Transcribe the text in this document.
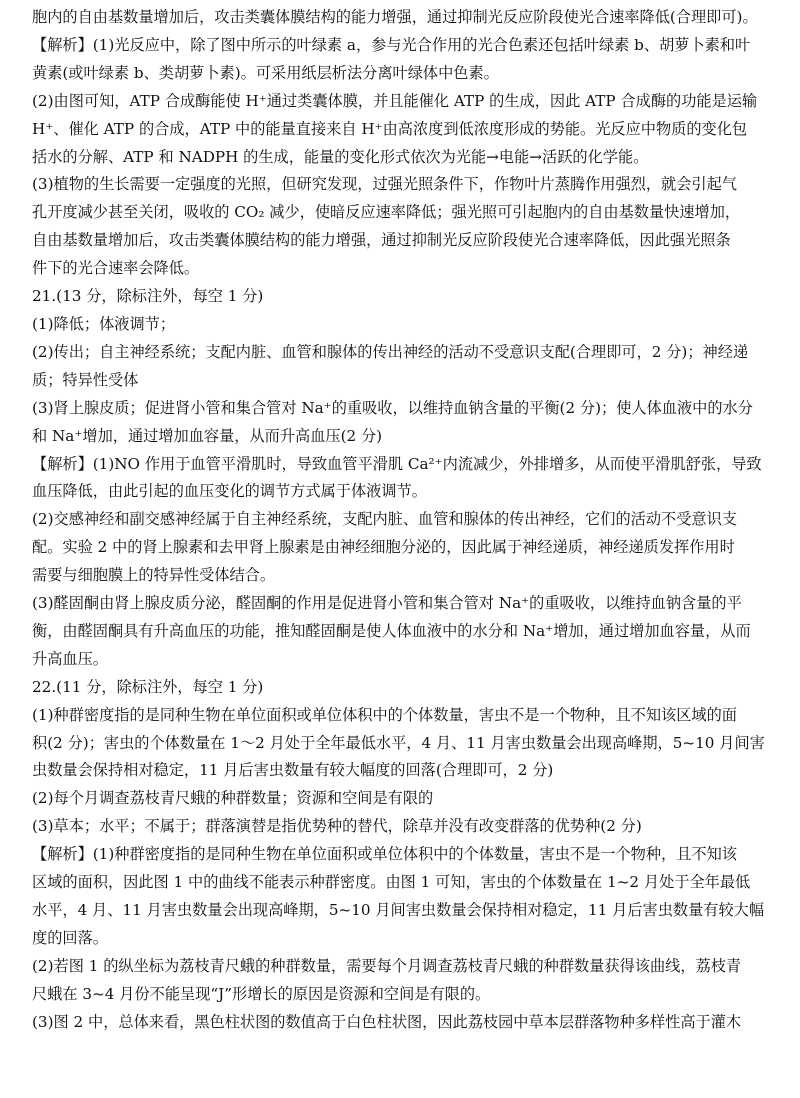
胞内的自由基数量增加后，攻击类囊体膜结构的能力增强，通过抑制光反应阶段使光合速率降低(合理即可)。
【解析】(1)光反应中，除了图中所示的叶绿素 a，参与光合作用的光合色素还包括叶绿素 b、胡萝卜素和叶
黄素(或叶绿素 b、类胡萝卜素)。可采用纸层析法分离叶绿体中色素。
(2)由图可知，ATP 合成酶能使 H⁺通过类囊体膜，并且能催化 ATP 的生成，因此 ATP 合成酶的功能是运输
H⁺、催化 ATP 的合成，ATP 中的能量直接来自 H⁺由高浓度到低浓度形成的势能。光反应中物质的变化包
括水的分解、ATP 和 NADPH 的生成，能量的变化形式依次为光能→电能→活跃的化学能。
(3)植物的生长需要一定强度的光照，但研究发现，过强光照条件下，作物叶片蒸腾作用强烈，就会引起气
孔开度减少甚至关闭，吸收的 CO₂ 减少，使暗反应速率降低；强光照可引起胞内的自由基数量快速增加，
自由基数量增加后，攻击类囊体膜结构的能力增强，通过抑制光反应阶段使光合速率降低，因此强光照条
件下的光合速率会降低。
21.(13 分，除标注外，每空 1 分)
(1)降低；体液调节；
(2)传出；自主神经系统；支配内脏、血管和腺体的传出神经的活动不受意识支配(合理即可，2 分)；神经递
质；特异性受体
(3)肾上腺皮质；促进肾小管和集合管对 Na⁺的重吸收，以维持血钠含量的平衡(2 分)；使人体血液中的水分
和 Na⁺增加，通过增加血容量，从而升高血压(2 分)
【解析】(1)NO 作用于血管平滑肌时，导致血管平滑肌 Ca²⁺内流减少，外排增多，从而使平滑肌舒张，导致
血压降低，由此引起的血压变化的调节方式属于体液调节。
(2)交感神经和副交感神经属于自主神经系统，支配内脏、血管和腺体的传出神经，它们的活动不受意识支
配。实验 2 中的肾上腺素和去甲肾上腺素是由神经细胞分泌的，因此属于神经递质，神经递质发挥作用时
需要与细胞膜上的特异性受体结合。
(3)醛固酮由肾上腺皮质分泌，醛固酮的作用是促进肾小管和集合管对 Na⁺的重吸收，以维持血钠含量的平
衡，由醛固酮具有升高血压的功能，推知醛固酮是使人体血液中的水分和 Na⁺增加，通过增加血容量，从而
升高血压。
22.(11 分，除标注外，每空 1 分)
(1)种群密度指的是同种生物在单位面积或单位体积中的个体数量，害虫不是一个物种，且不知该区域的面
积(2 分)；害虫的个体数量在 1～2 月处于全年最低水平，4 月、11 月害虫数量会出现高峰期，5~10 月间害
虫数量会保持相对稳定，11 月后害虫数量有较大幅度的回落(合理即可，2 分)
(2)每个月调查荔枝青尺蛾的种群数量；资源和空间是有限的
(3)草本；水平；不属于；群落演替是指优势种的替代，除草并没有改变群落的优势种(2 分)
【解析】(1)种群密度指的是同种生物在单位面积或单位体积中的个体数量，害虫不是一个物种，且不知该
区域的面积，因此图 1 中的曲线不能表示种群密度。由图 1 可知，害虫的个体数量在 1~2 月处于全年最低
水平，4 月、11 月害虫数量会出现高峰期，5~10 月间害虫数量会保持相对稳定，11 月后害虫数量有较大幅
度的回落。
(2)若图 1 的纵坐标为荔枝青尺蛾的种群数量，需要每个月调查荔枝青尺蛾的种群数量获得该曲线，荔枝青
尺蛾在 3~4 月份不能呈现“J”形增长的原因是资源和空间是有限的。
(3)图 2 中，总体来看，黑色柱状图的数值高于白色柱状图，因此荔枝园中草本层群落物种多样性高于灌木
